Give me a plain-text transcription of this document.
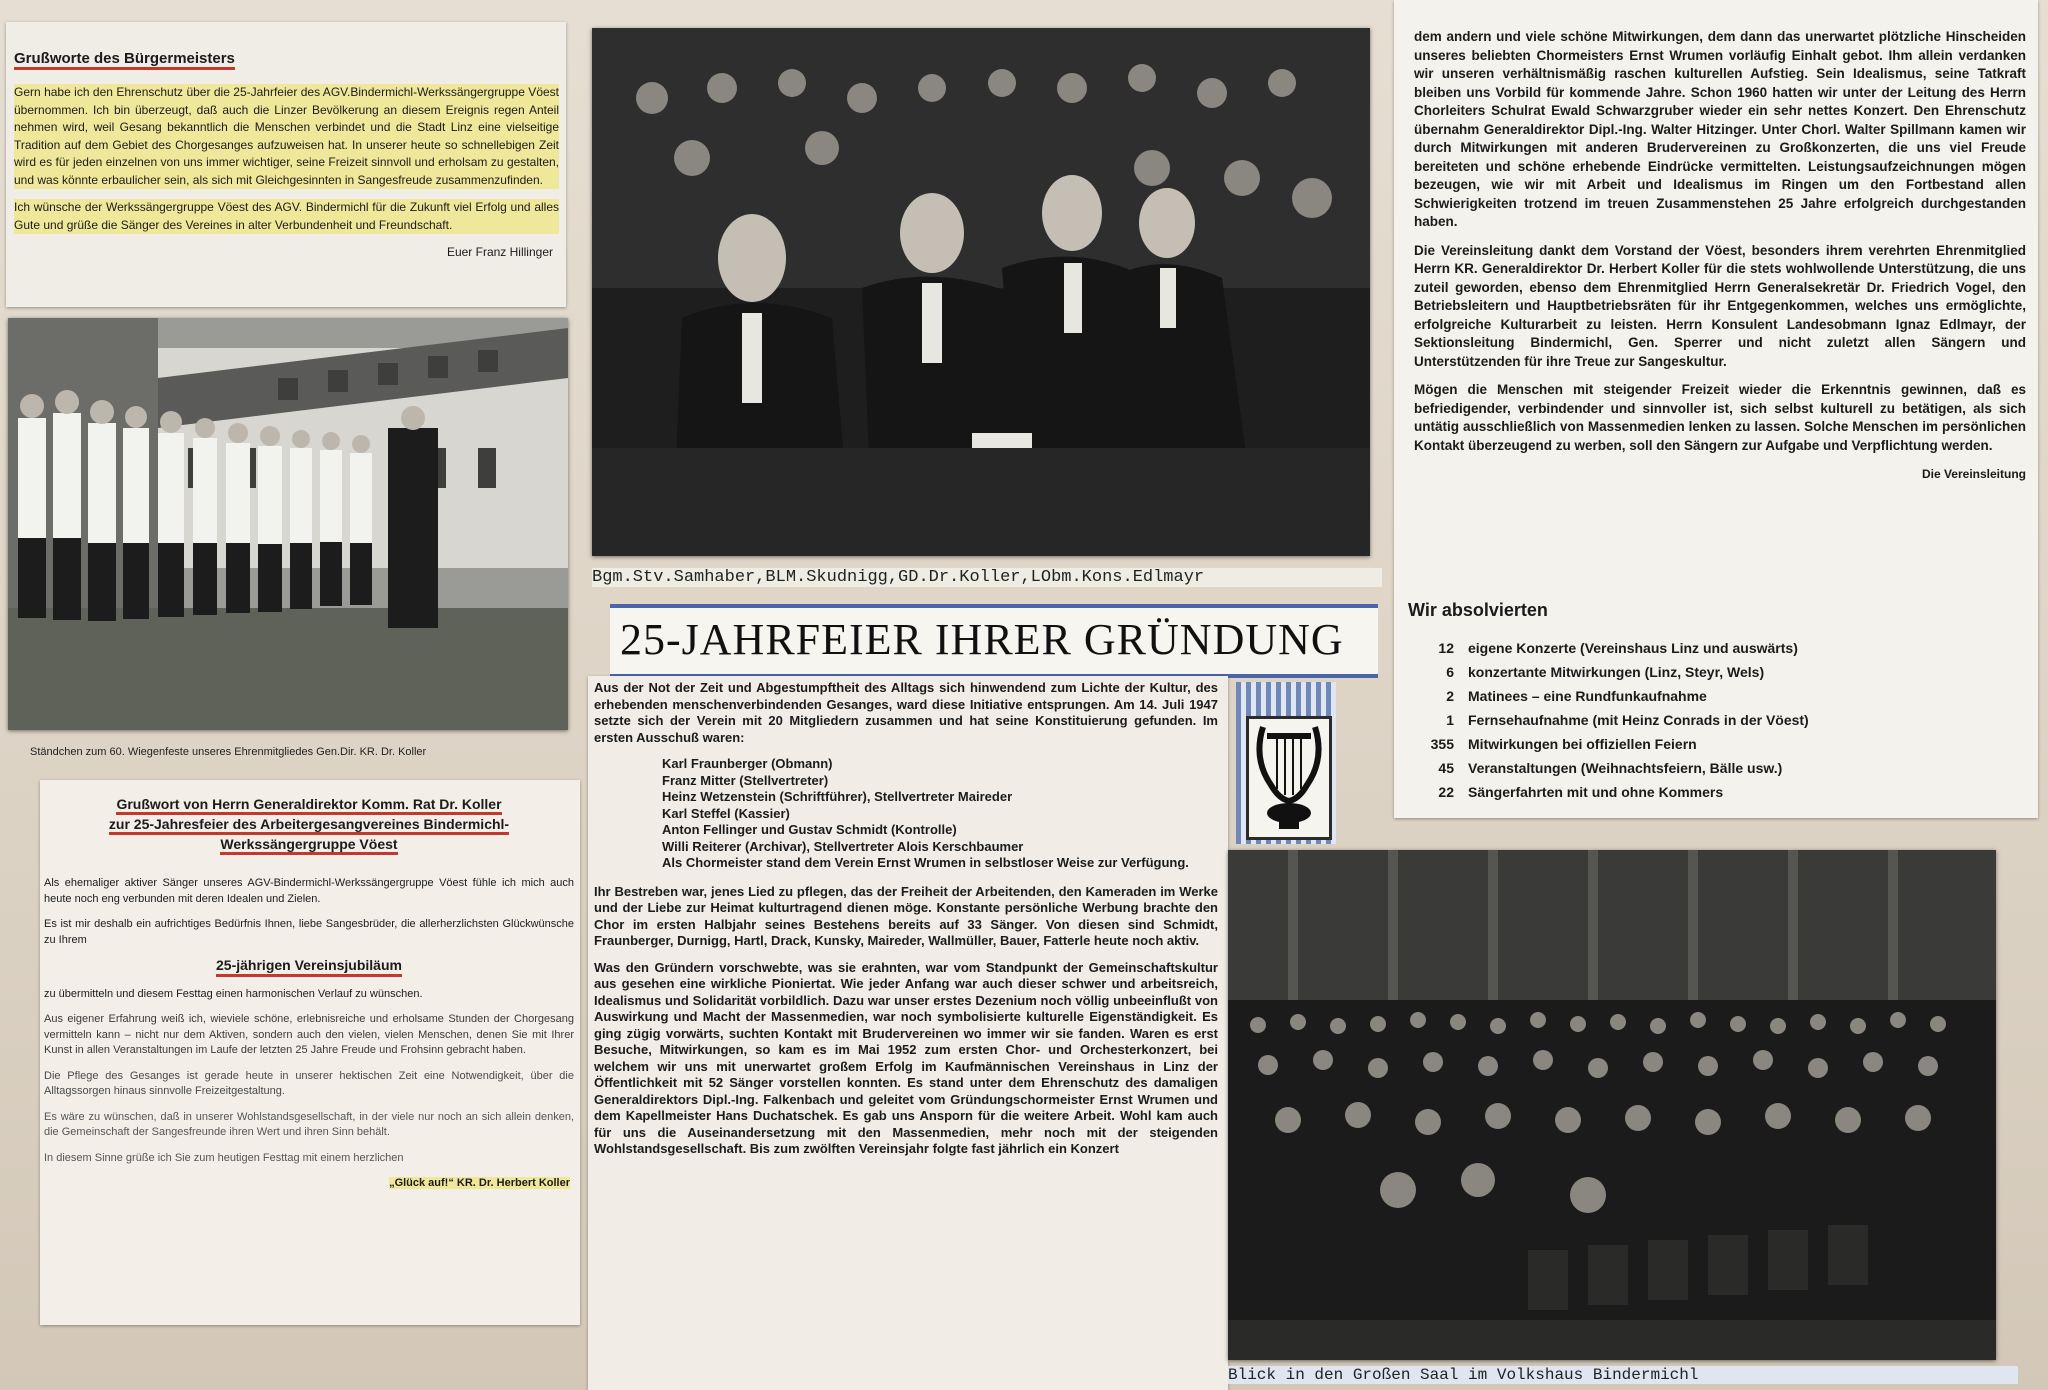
Grußworte des Bürgermeisters

Gern habe ich den Ehrenschutz über die 25-Jahrfeier des AGV.Bindermichl-Werkssängergruppe Vöest übernommen. Ich bin überzeugt, daß auch die Linzer Bevölkerung an diesem Ereignis regen Anteil nehmen wird, weil Gesang bekanntlich die Menschen verbindet und die Stadt Linz eine vielseitige Tradition auf dem Gebiet des Chorgesanges aufzuweisen hat. In unserer heute so schnellebigen Zeit wird es für jeden einzelnen von uns immer wichtiger, seine Freizeit sinnvoll und erholsam zu gestalten, und was könnte erbaulicher sein, als sich mit Gleichgesinnten in Sangesfreude zusammenzufinden.

Ich wünsche der Werkssängergruppe Vöest des AGV. Bindermichl für die Zukunft viel Erfolg und alles Gute und grüße die Sänger des Vereines in alter Verbundenheit und Freundschaft.

Euer Franz Hillinger
Ständchen zum 60. Wiegenfeste unseres Ehrenmitgliedes Gen.Dir. KR. Dr. Koller
Grußwort von Herrn Generaldirektor Komm. Rat Dr. Koller
zur 25-Jahresfeier des Arbeitergesangvereines Bindermichl-
Werkssängergruppe Vöest

Als ehemaliger aktiver Sänger unseres AGV-Bindermichl-Werkssängergruppe Vöest fühle ich mich auch heute noch eng verbunden mit deren Idealen und Zielen.

Es ist mir deshalb ein aufrichtiges Bedürfnis Ihnen, liebe Sangesbrüder, die allerherzlichsten Glückwünsche zu Ihrem

25-jährigen Vereinsjubiläum

zu übermitteln und diesem Festtag einen harmonischen Verlauf zu wünschen.

Aus eigener Erfahrung weiß ich, wieviele schöne, erlebnisreiche und erholsame Stunden der Chorgesang vermitteln kann – nicht nur dem Aktiven, sondern auch den vielen, vielen Menschen, denen Sie mit Ihrer Kunst in allen Veranstaltungen im Laufe der letzten 25 Jahre Freude und Frohsinn gebracht haben.

Die Pflege des Gesanges ist gerade heute in unserer hektischen Zeit eine Notwendigkeit, über die Alltagssorgen hinaus sinnvolle Freizeitgestaltung.

Es wäre zu wünschen, daß in unserer Wohlstandsgesellschaft, in der viele nur noch an sich allein denken, die Gemeinschaft der Sangesfreunde ihren Wert und ihren Sinn behält.

In diesem Sinne grüße ich Sie zum heutigen Festtag mit einem herzlichen

„Glück auf!“ KR. Dr. Herbert Koller
Bgm.Stv.Samhaber,BLM.Skudnigg,GD.Dr.Koller,LObm.Kons.Edlmayr
25-JAHRFEIER IHRER GRÜNDUNG

Aus der Not der Zeit und Abgestumpftheit des Alltags sich hinwendend zum Lichte der Kultur, des erhebenden menschenverbindenden Gesanges, ward diese Initiative entsprungen. Am 14. Juli 1947 setzte sich der Verein mit 20 Mitgliedern zusammen und hat seine Konstituierung gefunden. Im ersten Ausschuß waren:

Karl Fraunberger (Obmann)
Franz Mitter (Stellvertreter)
Heinz Wetzenstein (Schriftführer), Stellvertreter Maireder
Karl Steffel (Kassier)
Anton Fellinger und Gustav Schmidt (Kontrolle)
Willi Reiterer (Archivar), Stellvertreter Alois Kerschbaumer
Als Chormeister stand dem Verein Ernst Wrumen in selbstloser Weise zur Verfügung.

Ihr Bestreben war, jenes Lied zu pflegen, das der Freiheit der Arbeitenden, den Kameraden im Werke und der Liebe zur Heimat kulturtragend dienen möge. Konstante persönliche Werbung brachte den Chor im ersten Halbjahr seines Bestehens bereits auf 33 Sänger. Von diesen sind Schmidt, Fraunberger, Durnigg, Hartl, Drack, Kunsky, Maireder, Wallmüller, Bauer, Fatterle heute noch aktiv.

Was den Gründern vorschwebte, was sie erahnten, war vom Standpunkt der Gemeinschaftskultur aus gesehen eine wirkliche Pioniertat. Wie jeder Anfang war auch dieser schwer und arbeitsreich, Idealismus und Solidarität vorbildlich. Dazu war unser erstes Dezenium noch völlig unbeeinflußt von Auswirkung und Macht der Massenmedien, war noch symbolisierte kulturelle Eigenständigkeit. Es ging zügig vorwärts, suchten Kontakt mit Brudervereinen wo immer wir sie fanden. Waren es erst Besuche, Mitwirkungen, so kam es im Mai 1952 zum ersten Chor- und Orchesterkonzert, bei welchem wir uns mit unerwartet großem Erfolg im Kaufmännischen Vereinshaus in Linz der Öffentlichkeit mit 52 Sänger vorstellen konnten. Es stand unter dem Ehrenschutz des damaligen Generaldirektors Dipl.-Ing. Falkenbach und geleitet vom Gründungschormeister Ernst Wrumen und dem Kapellmeister Hans Duchatschek. Es gab uns Ansporn für die weitere Arbeit. Wohl kam auch für uns die Auseinandersetzung mit den Massenmedien, mehr noch mit der steigenden Wohlstandsgesellschaft. Bis zum zwölften Vereinsjahr folgte fast jährlich ein Konzert

dem andern und viele schöne Mitwirkungen, dem dann das unerwartet plötzliche Hinscheiden unseres beliebten Chormeisters Ernst Wrumen vorläufig Einhalt gebot. Ihm allein verdanken wir unseren verhältnismäßig raschen kulturellen Aufstieg. Sein Idealismus, seine Tatkraft bleiben uns Vorbild für kommende Jahre. Schon 1960 hatten wir unter der Leitung des Herrn Chorleiters Schulrat Ewald Schwarzgruber wieder ein sehr nettes Konzert. Den Ehrenschutz übernahm Generaldirektor Dipl.-Ing. Walter Hitzinger. Unter Chorl. Walter Spillmann kamen wir durch Mitwirkungen mit anderen Brudervereinen zu Großkonzerten, die uns viel Freude bereiteten und schöne erhebende Eindrücke vermittelten. Leistungsaufzeichnungen mögen bezeugen, wie wir mit Arbeit und Idealismus im Ringen um den Fortbestand allen Schwierigkeiten trotzend im treuen Zusammenstehen 25 Jahre erfolgreich durchgestanden haben.

Die Vereinsleitung dankt dem Vorstand der Vöest, besonders ihrem verehrten Ehrenmitglied Herrn KR. Generaldirektor Dr. Herbert Koller für die stets wohlwollende Unterstützung, die uns zuteil geworden, ebenso dem Ehrenmitglied Herrn Generalsekretär Dr. Friedrich Vogel, den Betriebsleitern und Hauptbetriebsräten für ihr Entgegenkommen, welches uns ermöglichte, erfolgreiche Kulturarbeit zu leisten. Herrn Konsulent Landesobmann Ignaz Edlmayr, der Sektionsleitung Bindermichl, Gen. Sperrer und nicht zuletzt allen Sängern und Unterstützenden für ihre Treue zur Sangeskultur.

Mögen die Menschen mit steigender Freizeit wieder die Erkenntnis gewinnen, daß es befriedigender, verbindender und sinnvoller ist, sich selbst kulturell zu betätigen, als sich untätig ausschließlich von Massenmedien lenken zu lassen. Solche Menschen im persönlichen Kontakt überzeugend zu werben, soll den Sängern zur Aufgabe und Verpflichtung werden.

Die Vereinsleitung
Wir absolvierten
12	eigene Konzerte (Vereinshaus Linz und auswärts)
6	konzertante Mitwirkungen (Linz, Steyr, Wels)
2	Matinees – eine Rundfunkaufnahme
1	Fernsehaufnahme (mit Heinz Conrads in der Vöest)
355	Mitwirkungen bei offiziellen Feiern
45	Veranstaltungen (Weihnachtsfeiern, Bälle usw.)
22	Sängerfahrten mit und ohne Kommers
Blick in den Großen Saal im Volkshaus Bindermichl
